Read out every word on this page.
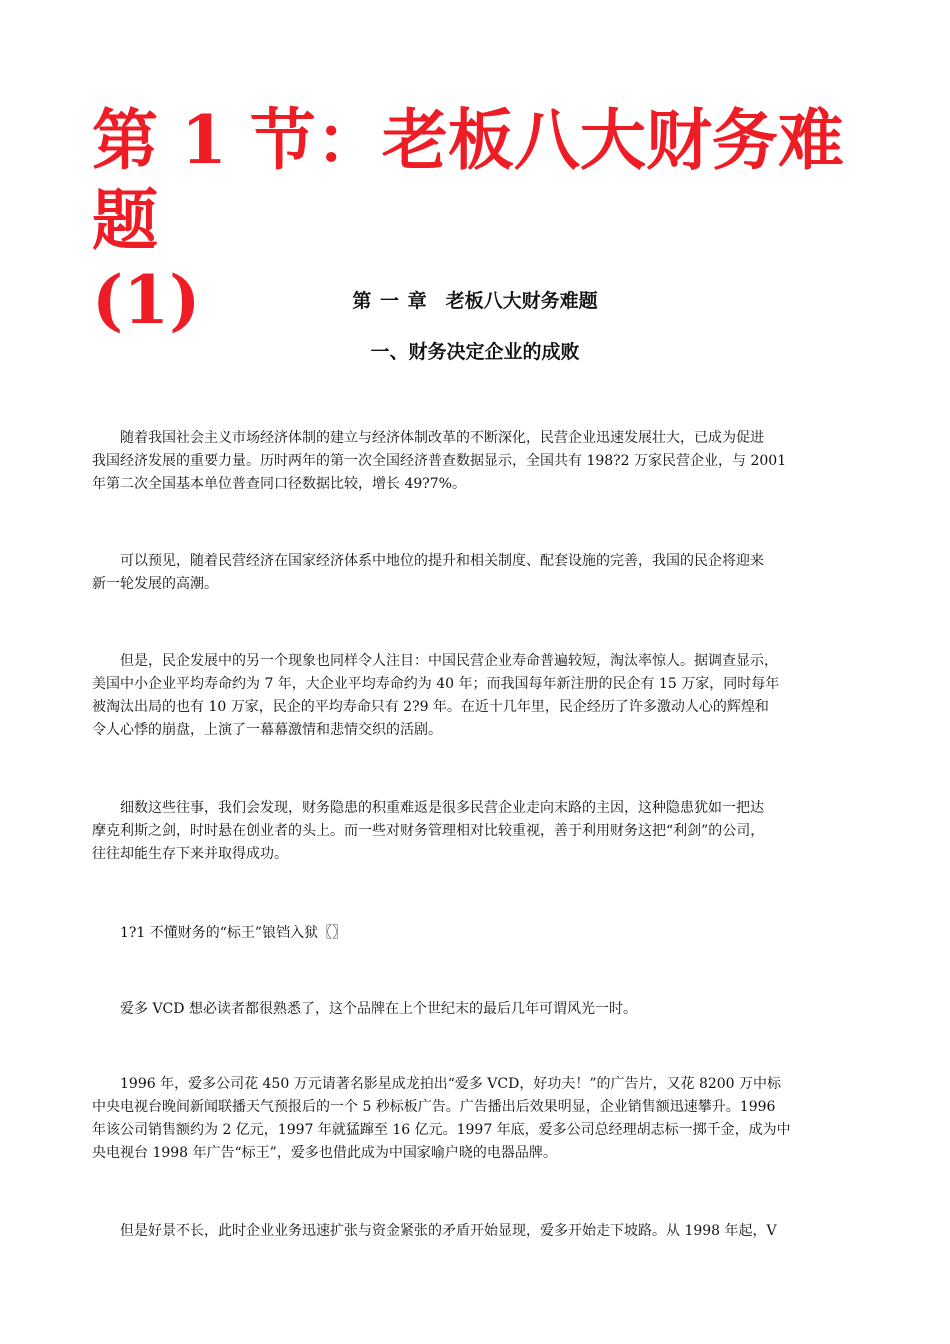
第 1 节：老板八大财务难题
(1)	第 一 章　老板八大财务难题
一、财务决定企业的成败

　　随着我国社会主义市场经济体制的建立与经济体制改革的不断深化，民营企业迅速发展壮大，已成为促进
我国经济发展的重要力量。历时两年的第一次全国经济普查数据显示，全国共有 198?2 万家民营企业，与 2001
年第二次全国基本单位普查同口径数据比较，增长 49?7%。

　　可以预见，随着民营经济在国家经济体系中地位的提升和相关制度、配套设施的完善，我国的民企将迎来
新一轮发展的高潮。

　　但是，民企发展中的另一个现象也同样令人注目：中国民营企业寿命普遍较短，淘汰率惊人。据调查显示，
美国中小企业平均寿命约为 7 年，大企业平均寿命约为 40 年；而我国每年新注册的民企有 15 万家，同时每年
被淘汰出局的也有 10 万家，民企的平均寿命只有 2?9 年。在近十几年里，民企经历了许多激动人心的辉煌和
令人心悸的崩盘，上演了一幕幕激情和悲情交织的活剧。

　　细数这些往事，我们会发现，财务隐患的积重难返是很多民营企业走向末路的主因，这种隐患犹如一把达
摩克利斯之剑，时时悬在创业者的头上。而一些对财务管理相对比较重视，善于利用财务这把“利剑”的公司，
往往却能生存下来并取得成功。

　　1?1 不懂财务的“标王”锒铛入狱〖〗

　　爱多 VCD 想必读者都很熟悉了，这个品牌在上个世纪末的最后几年可谓风光一时。

　　1996 年，爱多公司花 450 万元请著名影星成龙拍出“爱多 VCD，好功夫！”的广告片，又花 8200 万中标
中央电视台晚间新闻联播天气预报后的一个 5 秒标板广告。广告播出后效果明显，企业销售额迅速攀升。1996
年该公司销售额约为 2 亿元，1997 年就猛蹿至 16 亿元。1997 年底，爱多公司总经理胡志标一掷千金，成为中
央电视台 1998 年广告“标王”，爱多也借此成为中国家喻户晓的电器品牌。

　　但是好景不长，此时企业业务迅速扩张与资金紧张的矛盾开始显现，爱多开始走下坡路。从 1998 年起，V
